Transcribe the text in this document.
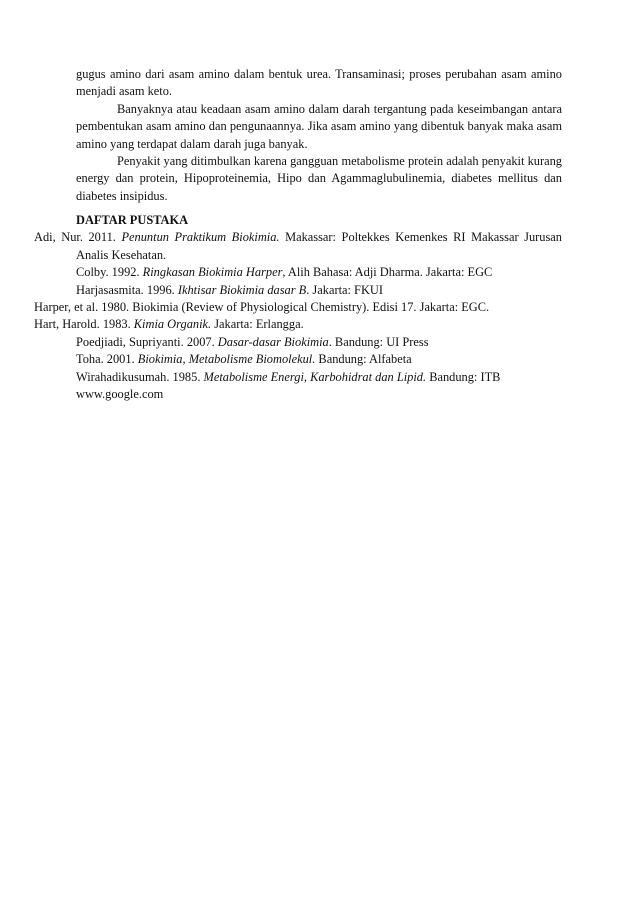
gugus amino dari asam amino dalam bentuk urea. Transaminasi; proses perubahan asam amino menjadi asam keto.

Banyaknya atau keadaan asam amino dalam darah tergantung pada keseimbangan antara pembentukan asam amino dan pengunaannya. Jika asam amino yang dibentuk banyak maka asam amino yang terdapat dalam darah juga banyak.

Penyakit yang ditimbulkan karena gangguan metabolisme protein adalah penyakit kurang energy dan protein, Hipoproteinemia, Hipo dan Agammaglubulinemia, diabetes mellitus dan diabetes insipidus.

DAFTAR PUSTAKA

Adi, Nur. 2011. Penuntun Praktikum Biokimia. Makassar: Poltekkes Kemenkes RI Makassar Jurusan Analis Kesehatan.

Colby. 1992. Ringkasan Biokimia Harper, Alih Bahasa: Adji Dharma. Jakarta: EGC

Harjasasmita. 1996. Ikhtisar Biokimia dasar B. Jakarta: FKUI

Harper, et al. 1980. Biokimia (Review of Physiological Chemistry). Edisi 17. Jakarta: EGC.

Hart, Harold. 1983. Kimia Organik. Jakarta: Erlangga.

Poedjiadi, Supriyanti. 2007. Dasar-dasar Biokimia. Bandung: UI Press

Toha. 2001. Biokimia, Metabolisme Biomolekul. Bandung: Alfabeta

Wirahadikusumah. 1985. Metabolisme Energi, Karbohidrat dan Lipid. Bandung: ITB

www.google.com
